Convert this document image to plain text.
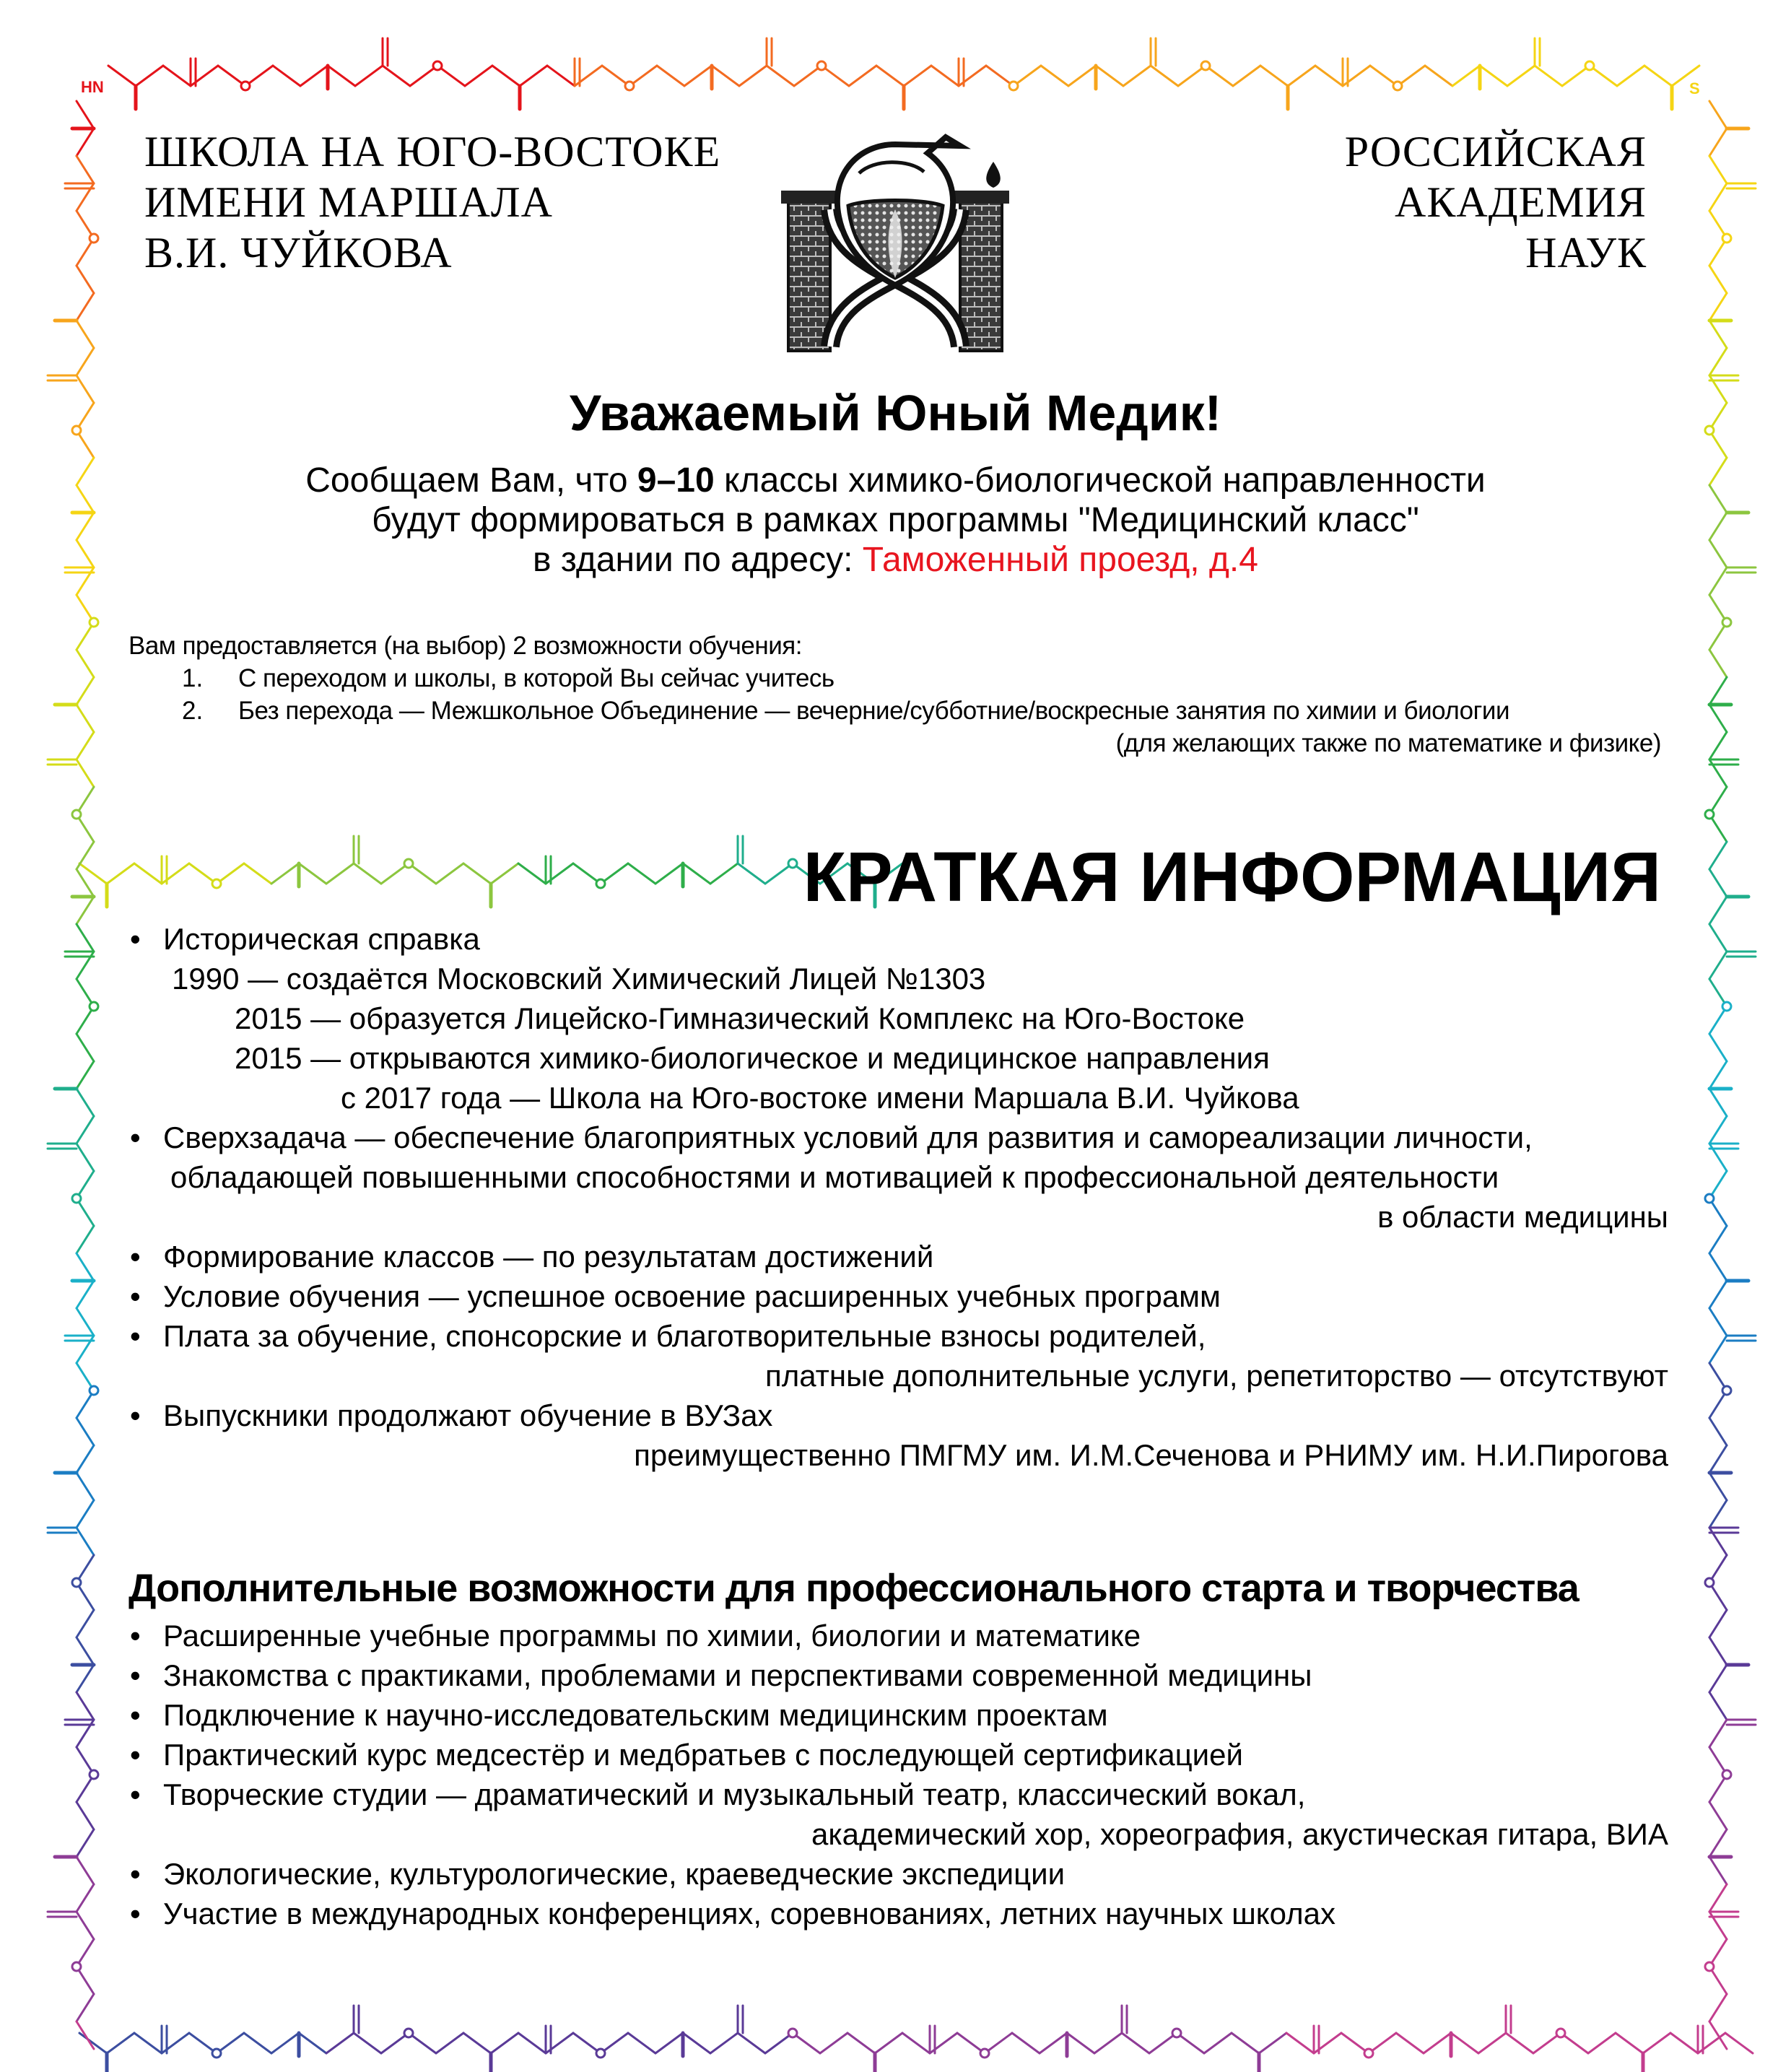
HN	S
ШКОЛА НА ЮГО-ВОСТОКЕ
ИМЕНИ МАРШАЛА
В.И. ЧУЙКОВА
РОССИЙСКАЯ
АКАДЕМИЯ
НАУК
Уважаемый Юный Медик!
Сообщаем Вам, что 9–10 классы химико-биологической направленности
будут формироваться в рамках программы "Медицинский класс"
в здании по адресу: Таможенный проезд, д.4
Вам предоставляется (на выбор) 2 возможности обучения:
1. С переходом и школы, в которой Вы сейчас учитесь
2. Без перехода — Межшкольное Объединение — вечерние/субботние/воскресные занятия по химии и биологии
(для желающих также по математике и физике)
КРАТКАЯ ИНФОРМАЦИЯ
• Историческая справка
1990 — создаётся Московский Химический Лицей №1303
2015 — образуется Лицейско-Гимназический Комплекс на Юго-Востоке
2015 — открываются химико-биологическое и медицинское направления
с 2017 года — Школа на Юго-востоке имени Маршала В.И. Чуйкова
• Сверхзадача — обеспечение благоприятных условий для развития и самореализации личности,
обладающей повышенными способностями и мотивацией к профессиональной деятельности
в области медицины
• Формирование классов — по результатам достижений
• Условие обучения — успешное освоение расширенных учебных программ
• Плата за обучение, спонсорские и благотворительные взносы родителей,
платные дополнительные услуги, репетиторство — отсутствуют
• Выпускники продолжают обучение в ВУЗах
преимущественно ПМГМУ им. И.М.Сеченова и РНИМУ им. Н.И.Пирогова
Дополнительные возможности для профессионального старта и творчества
• Расширенные учебные программы по химии, биологии и математике
• Знакомства с практиками, проблемами и перспективами современной медицины
• Подключение к научно-исследовательским медицинским проектам
• Практический курс медсестёр и медбратьев с последующей сертификацией
• Творческие студии — драматический и музыкальный театр, классический вокал,
академический хор, хореография, акустическая гитара, ВИА
• Экологические, культурологические, краеведческие экспедиции
• Участие в международных конференциях, соревнованиях, летних научных школах
